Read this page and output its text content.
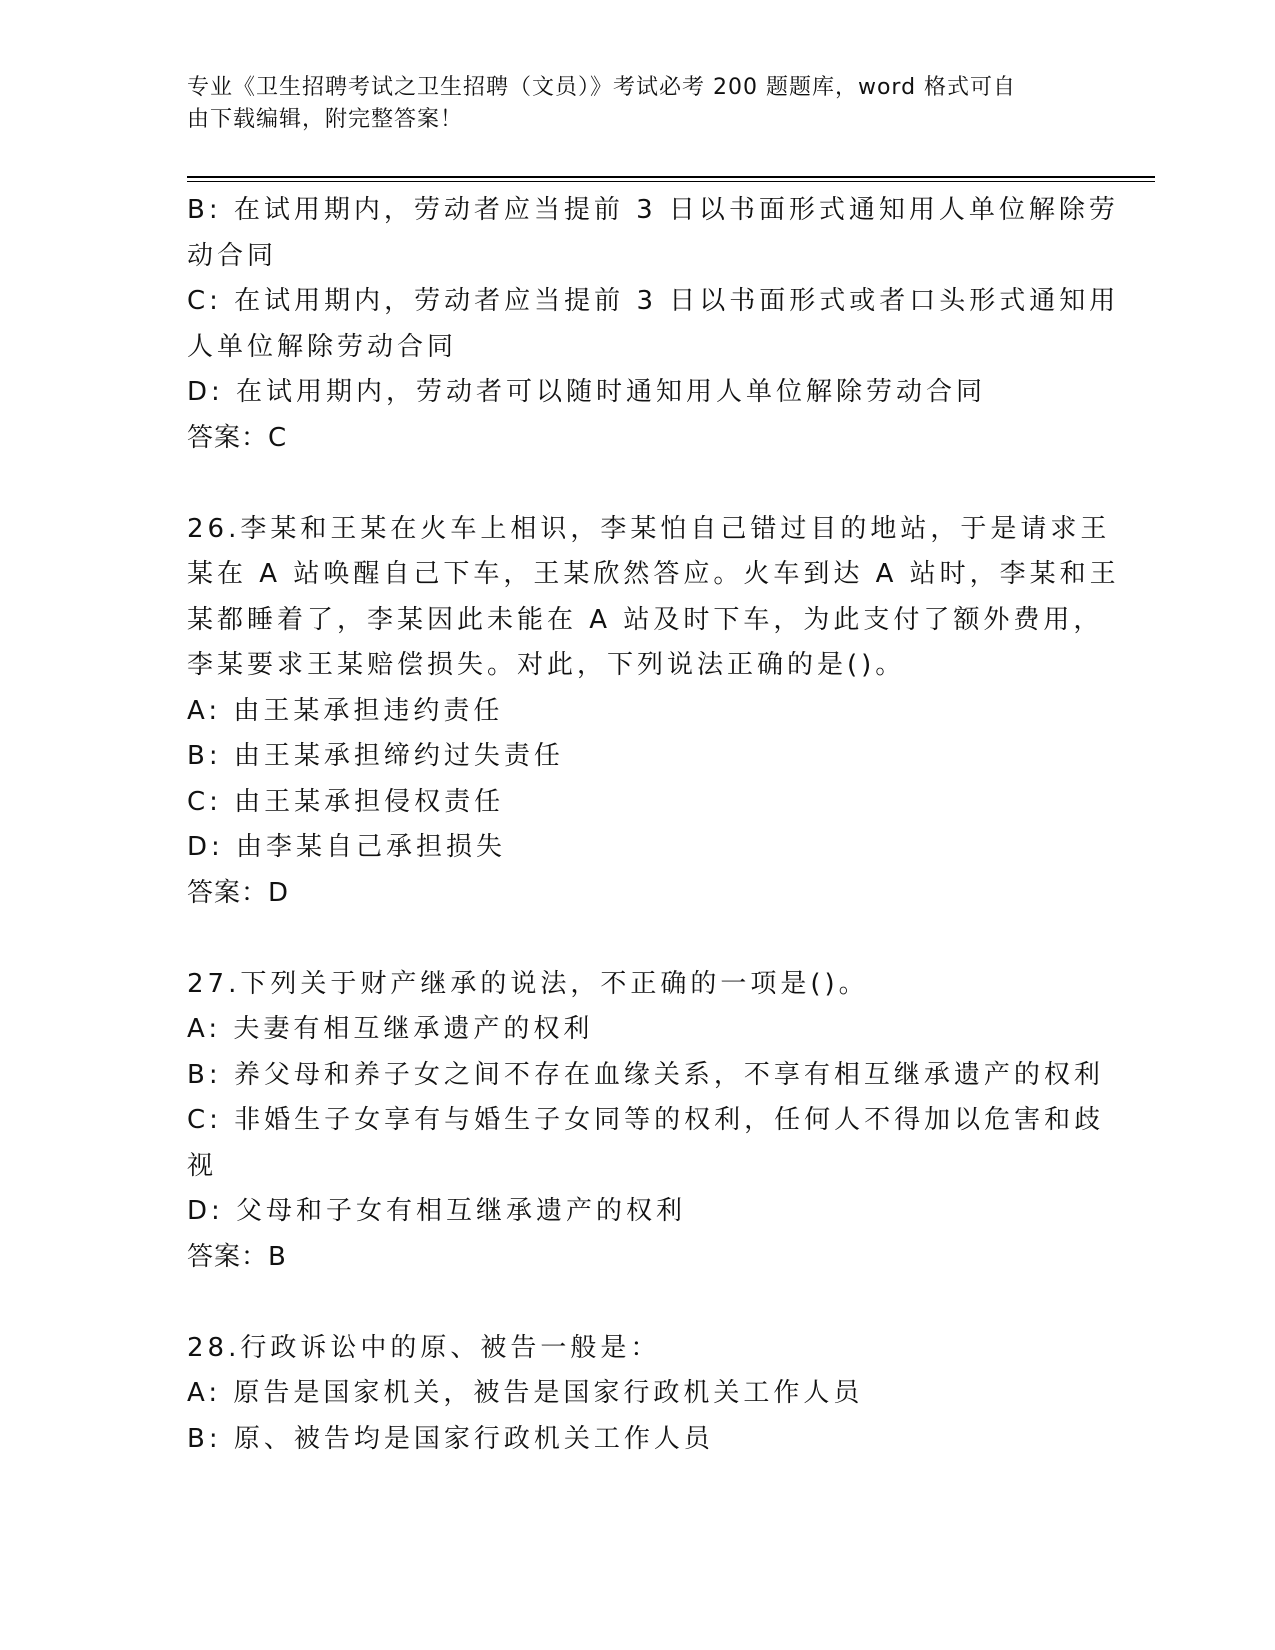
专业《卫生招聘考试之卫生招聘（文员）》考试必考 200 题题库，word 格式可自
由下载编辑，附完整答案！
B: 在试用期内，劳动者应当提前 3 日以书面形式通知用人单位解除劳
动合同
C: 在试用期内，劳动者应当提前 3 日以书面形式或者口头形式通知用
人单位解除劳动合同
D: 在试用期内，劳动者可以随时通知用人单位解除劳动合同
答案：C
26.李某和王某在火车上相识，李某怕自己错过目的地站，于是请求王
某在 A 站唤醒自己下车，王某欣然答应。火车到达 A 站时，李某和王
某都睡着了，李某因此未能在 A 站及时下车，为此支付了额外费用，
李某要求王某赔偿损失。对此，下列说法正确的是()。
A: 由王某承担违约责任
B: 由王某承担缔约过失责任
C: 由王某承担侵权责任
D: 由李某自己承担损失
答案：D
27.下列关于财产继承的说法，不正确的一项是()。
A: 夫妻有相互继承遗产的权利
B: 养父母和养子女之间不存在血缘关系，不享有相互继承遗产的权利
C: 非婚生子女享有与婚生子女同等的权利，任何人不得加以危害和歧
视
D: 父母和子女有相互继承遗产的权利
答案：B
28.行政诉讼中的原、被告一般是：
A: 原告是国家机关，被告是国家行政机关工作人员
B: 原、被告均是国家行政机关工作人员
